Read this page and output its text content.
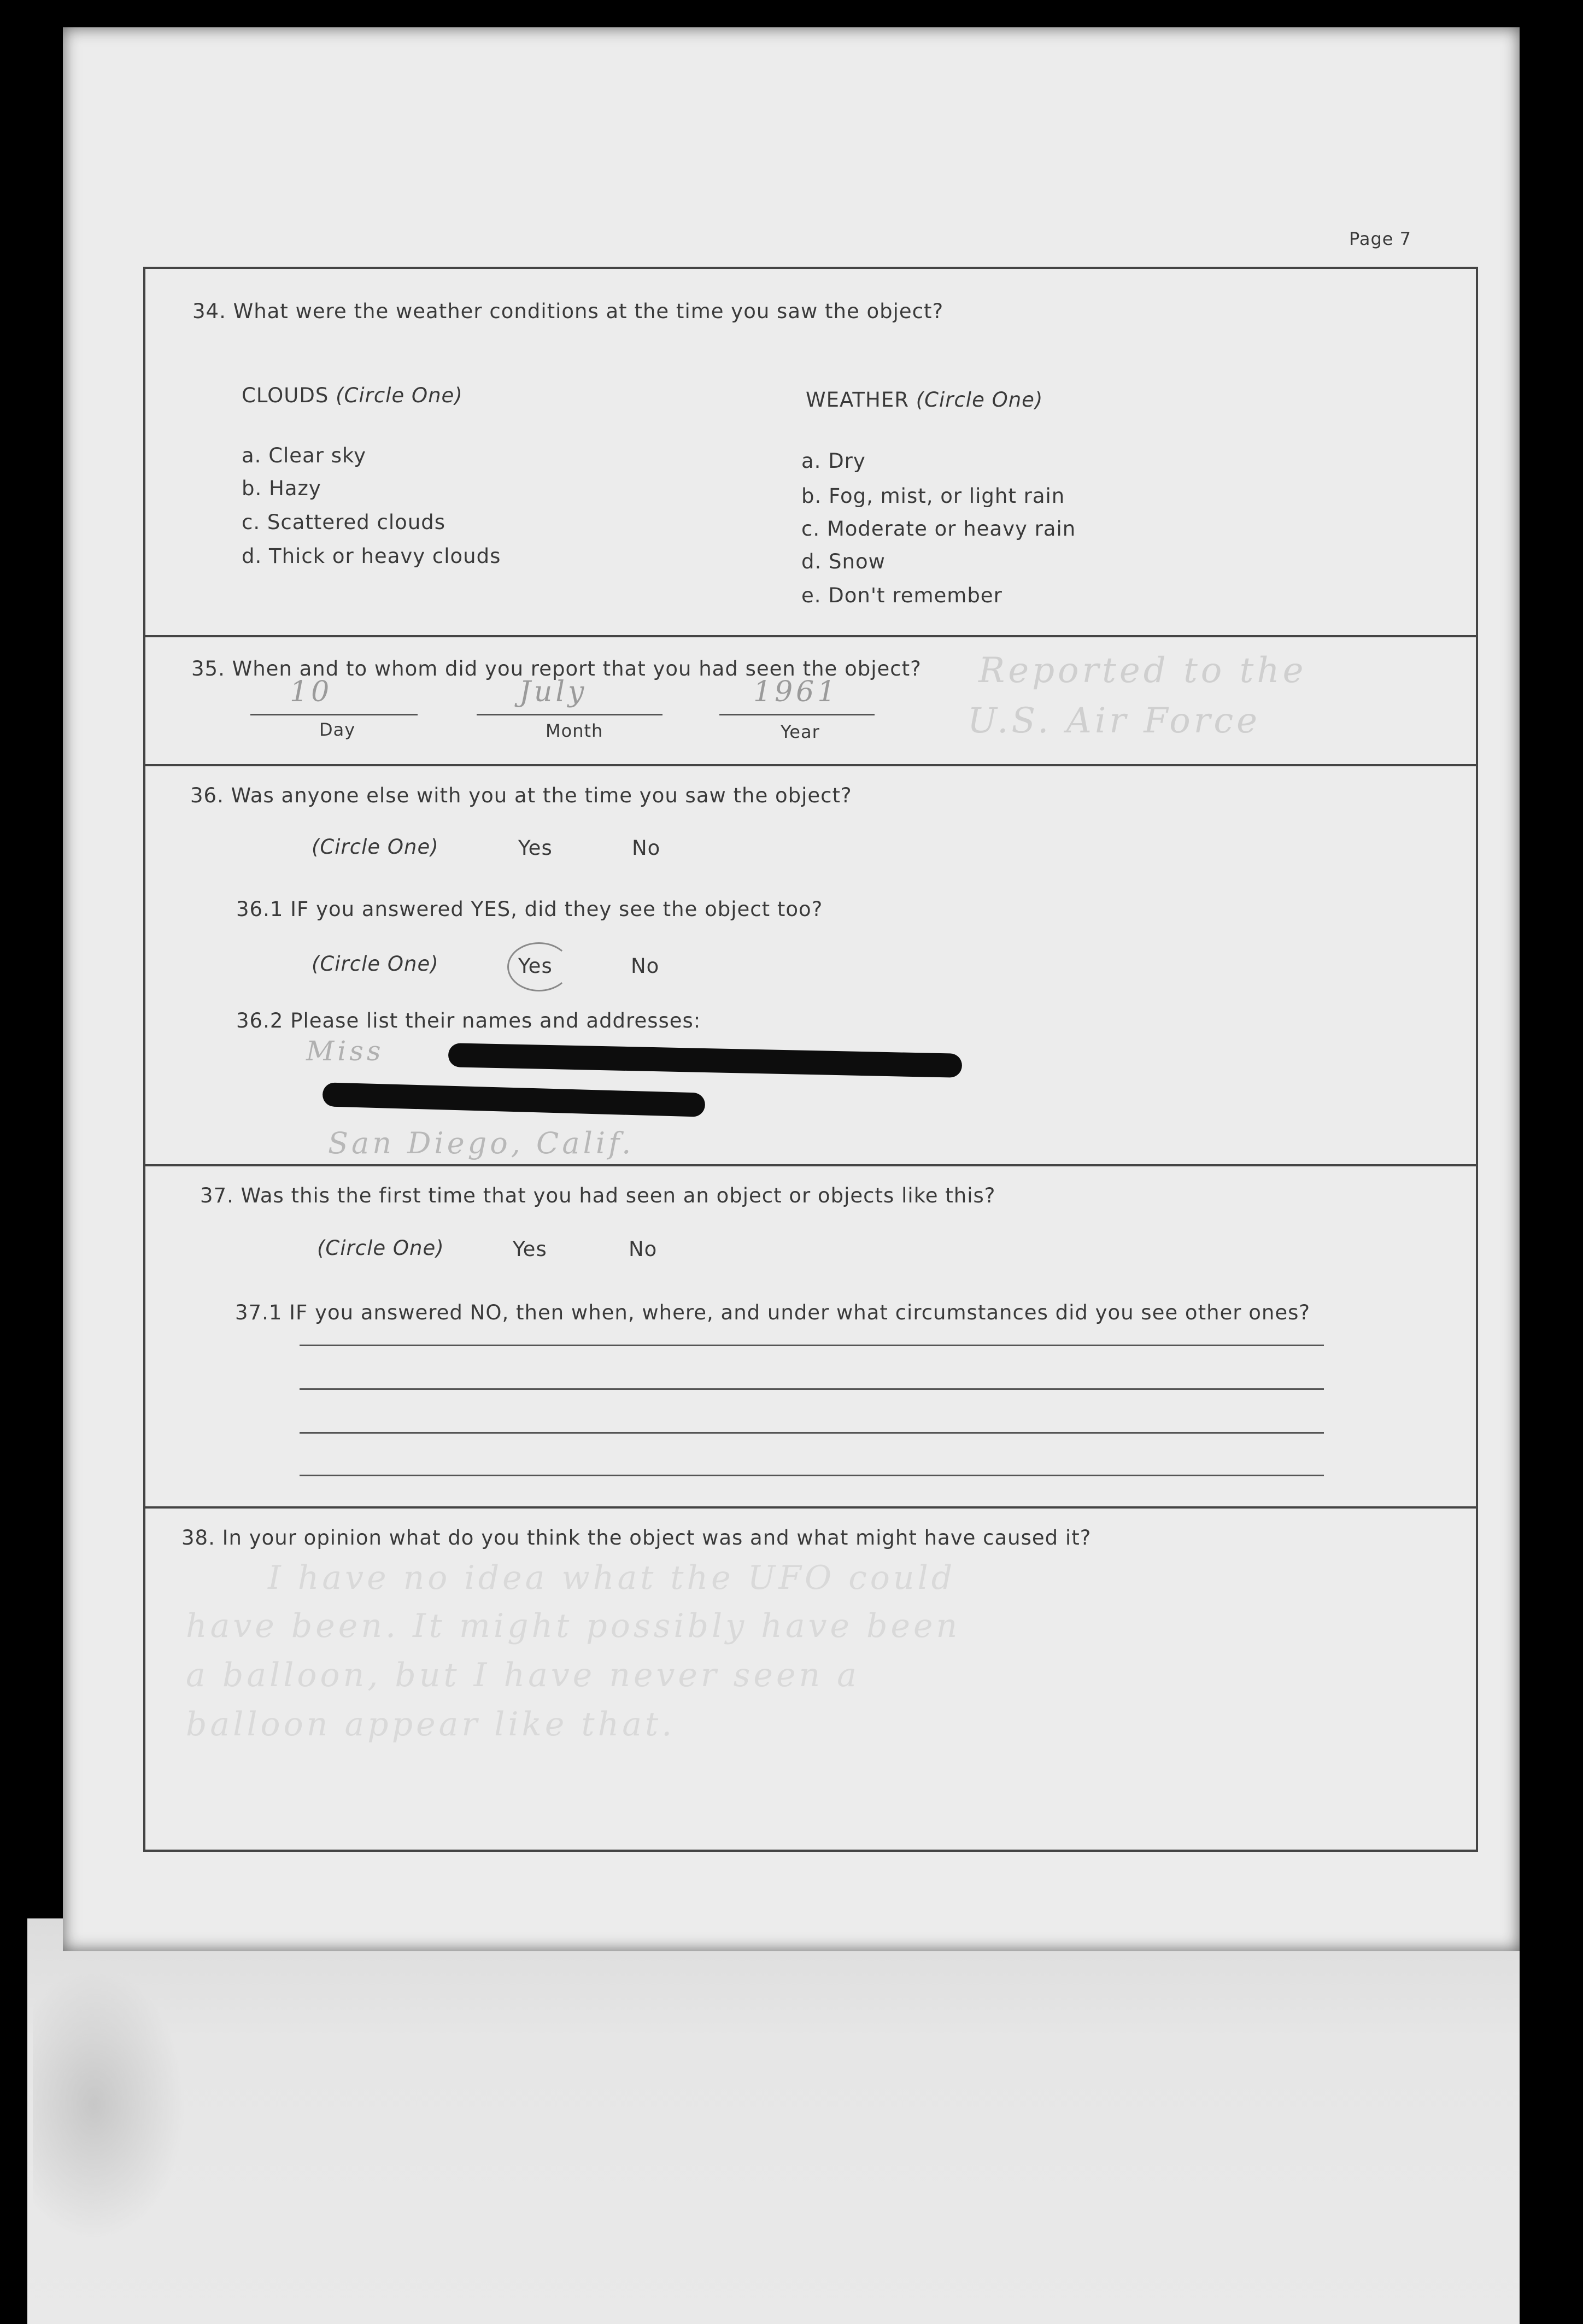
Page 7
34. What were the weather conditions at the time you saw the object?
CLOUDS (Circle One)
a. Clear sky
b. Hazy
c. Scattered clouds
d. Thick or heavy clouds
WEATHER (Circle One)
a. Dry
b. Fog, mist, or light rain
c. Moderate or heavy rain
d. Snow
e. Don't remember
35. When and to whom did you report that you had seen the object?
10	July	1961
Day	Month	Year
Reported to the
U.S. Air Force
36. Was anyone else with you at the time you saw the object?
(Circle One)	Yes	No
36.1 IF you answered YES, did they see the object too?
(Circle One)	Yes	No
36.2 Please list their names and addresses:
Miss
San Diego, Calif.
37. Was this the first time that you had seen an object or objects like this?
(Circle One)	Yes	No
37.1 IF you answered NO, then when, where, and under what circumstances did you see other ones?
38. In your opinion what do you think the object was and what might have caused it?
I have no idea what the UFO could
have been. It might possibly have been
a balloon, but I have never seen a
balloon appear like that.
